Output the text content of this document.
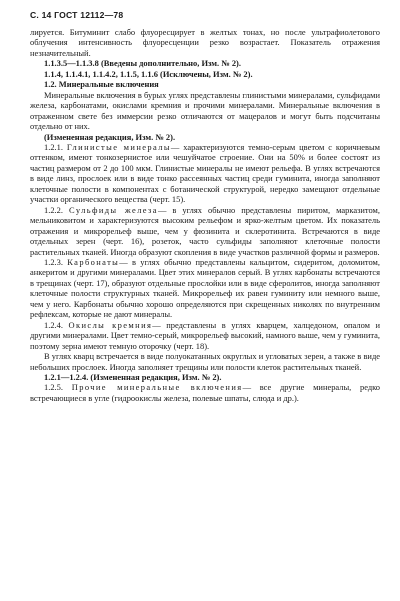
С. 14 ГОСТ 12112—78

лируется. Битуминит слабо флуоресцирует в желтых тонах, но после ультрафиолетового облучения интенсивность флуоресценции резко возрастает. Показатель отражения незначительный.

1.1.3.5—1.1.3.8 (Введены дополнительно, Изм. № 2).

1.1.4, 1.1.4.1, 1.1.4.2, 1.1.5, 1.1.6 (Исключены, Изм. № 2).

1.2. Минеральные включения

Минеральные включения в бурых углях представлены глинистыми минералами, сульфидами железа, карбонатами, окислами кремния и прочими минералами. Минеральные включения в отраженном свете без иммерсии резко отличаются от мацералов и могут быть подсчитаны отдельно от них.

(Измененная редакция, Изм. № 2).

1.2.1. Глинистые минералы— характеризуются темно-серым цветом с коричневым оттенком, имеют тонкозернистое или чешуйчатое строение. Они на 50% и более состоят из частиц размером от 2 до 100 мкм. Глинистые минералы не имеют рельефа. В углях встречаются в виде линз, прослоек или в виде тонко рассеянных частиц среди гуминита, иногда заполняют клеточные полости в компонентах с ботанической структурой, нередко замещают отдельные участки органического вещества (черт. 15).

1.2.2. Сульфиды железа— в углях обычно представлены пиритом, марказитом, мельниковитом и характеризуются высоким рельефом и ярко-желтым цветом. Их показатель отражения и микрорельеф выше, чем у фюзинита и склеротинита. Встречаются в виде отдельных зерен (черт. 16), розеток, часто сульфиды заполняют клеточные полости растительных тканей. Иногда образуют скопления в виде участков различной формы и размеров.

1.2.3. Карбонаты— в углях обычно представлены кальцитом, сидеритом, доломитом, анкеритом и другими минералами. Цвет этих минералов серый. В углях карбонаты встречаются в трещинах (черт. 17), образуют отдельные прослойки или в виде сферолитов, иногда заполняют клеточные полости структурных тканей. Микрорельеф их равен гуминиту или немного выше, чем у него. Карбонаты обычно хорошо определяются при скрещенных николях по внутренним рефлексам, которые не дают минералы.

1.2.4. Окислы кремния— представлены в углях кварцем, халцедоном, опалом и другими минералами. Цвет темно-серый, микрорельеф высокий, намного выше, чем у гуминита, поэтому зерна имеют темную оторочку (черт. 18).

В углях кварц встречается в виде полуокатанных округлых и угловатых зерен, а также в виде небольших прослоек. Иногда заполняет трещины или полости клеток растительных тканей.

1.2.1—1.2.4. (Измененная редакция, Изм. № 2).

1.2.5. Прочие минеральные включения— все другие минералы, редко встречающиеся в угле (гидроокислы железа, полевые шпаты, слюда и др.).
